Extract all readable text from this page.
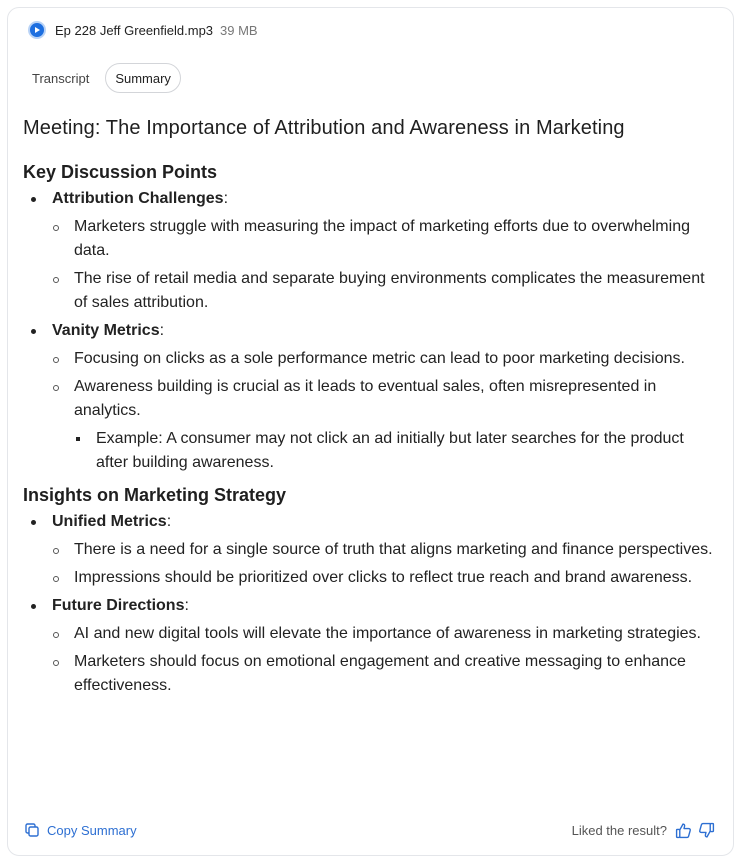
Ep 228 Jeff Greenfield.mp3 39 MB
Transcript	Summary
Meeting: The Importance of Attribution and Awareness in Marketing
Key Discussion Points
Attribution Challenges:
Marketers struggle with measuring the impact of marketing efforts due to overwhelming data.
The rise of retail media and separate buying environments complicates the measurement of sales attribution.
Vanity Metrics:
Focusing on clicks as a sole performance metric can lead to poor marketing decisions.
Awareness building is crucial as it leads to eventual sales, often misrepresented in analytics.
Example: A consumer may not click an ad initially but later searches for the product after building awareness.
Insights on Marketing Strategy
Unified Metrics:
There is a need for a single source of truth that aligns marketing and finance perspectives.
Impressions should be prioritized over clicks to reflect true reach and brand awareness.
Future Directions:
AI and new digital tools will elevate the importance of awareness in marketing strategies.
Marketers should focus on emotional engagement and creative messaging to enhance effectiveness.
Copy Summary	Liked the result?
